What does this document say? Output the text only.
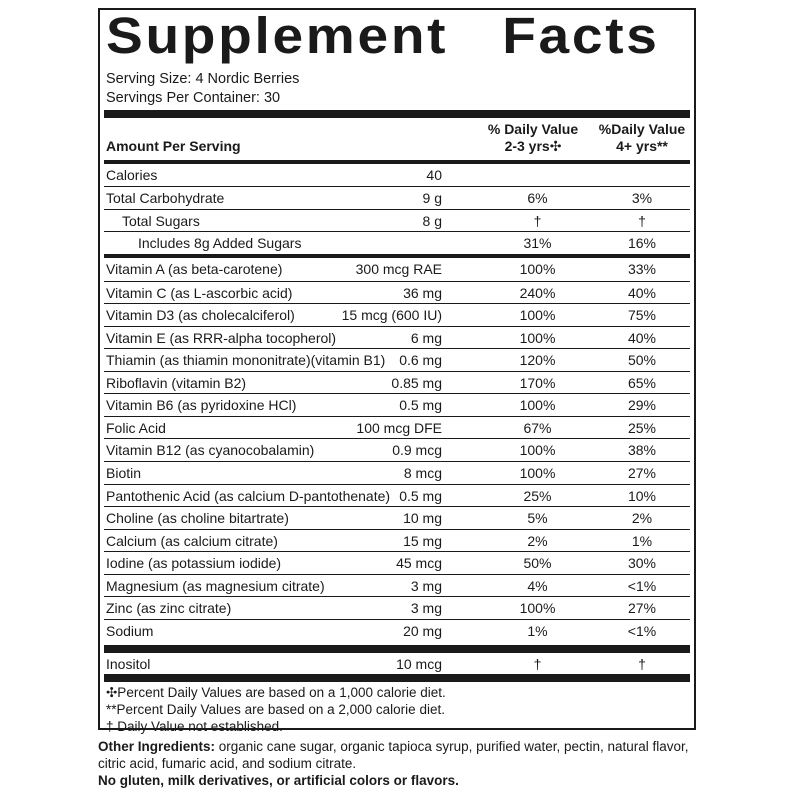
Supplement   Facts
Serving Size: 4 Nordic Berries
Servings Per Container: 30
Amount Per Serving
% Daily Value
2-3 yrs✣
%Daily Value
4+ yrs**
Calories	40
Total Carbohydrate	9 g	6%	3%
Total Sugars	8 g	†	†
Includes 8g Added Sugars	31%	16%
Vitamin A (as beta-carotene)	300 mcg RAE	100%	33%
Vitamin C (as L-ascorbic acid)	36 mg	240%	40%
Vitamin D3 (as cholecalciferol)	15 mcg (600 IU)	100%	75%
Vitamin E (as RRR-alpha tocopherol)	6 mg	100%	40%
Thiamin (as thiamin mononitrate)(vitamin B1) 0.6 mg	120%	50%
Riboflavin (vitamin B2)	0.85 mg	170%	65%
Vitamin B6 (as pyridoxine HCl)	0.5 mg	100%	29%
Folic Acid	100 mcg DFE	67%	25%
Vitamin B12 (as cyanocobalamin)	0.9 mcg	100%	38%
Biotin	8 mcg	100%	27%
Pantothenic Acid (as calcium D-pantothenate) 0.5 mg	25%	10%
Choline (as choline bitartrate)	10 mg	5%	2%
Calcium (as calcium citrate)	15 mg	2%	1%
Iodine (as potassium iodide)	45 mcg	50%	30%
Magnesium (as magnesium citrate)	3 mg	4%	<1%
Zinc (as zinc citrate)	3 mg	100%	27%
Sodium	20 mg	1%	<1%
Inositol	10 mcg	†	†
✣Percent Daily Values are based on a 1,000 calorie diet.
**Percent Daily Values are based on a 2,000 calorie diet.
† Daily Value not established.
Other Ingredients: organic cane sugar, organic tapioca syrup, purified water, pectin, natural flavor, citric acid, fumaric acid, and sodium citrate.
No gluten, milk derivatives, or artificial colors or flavors.
